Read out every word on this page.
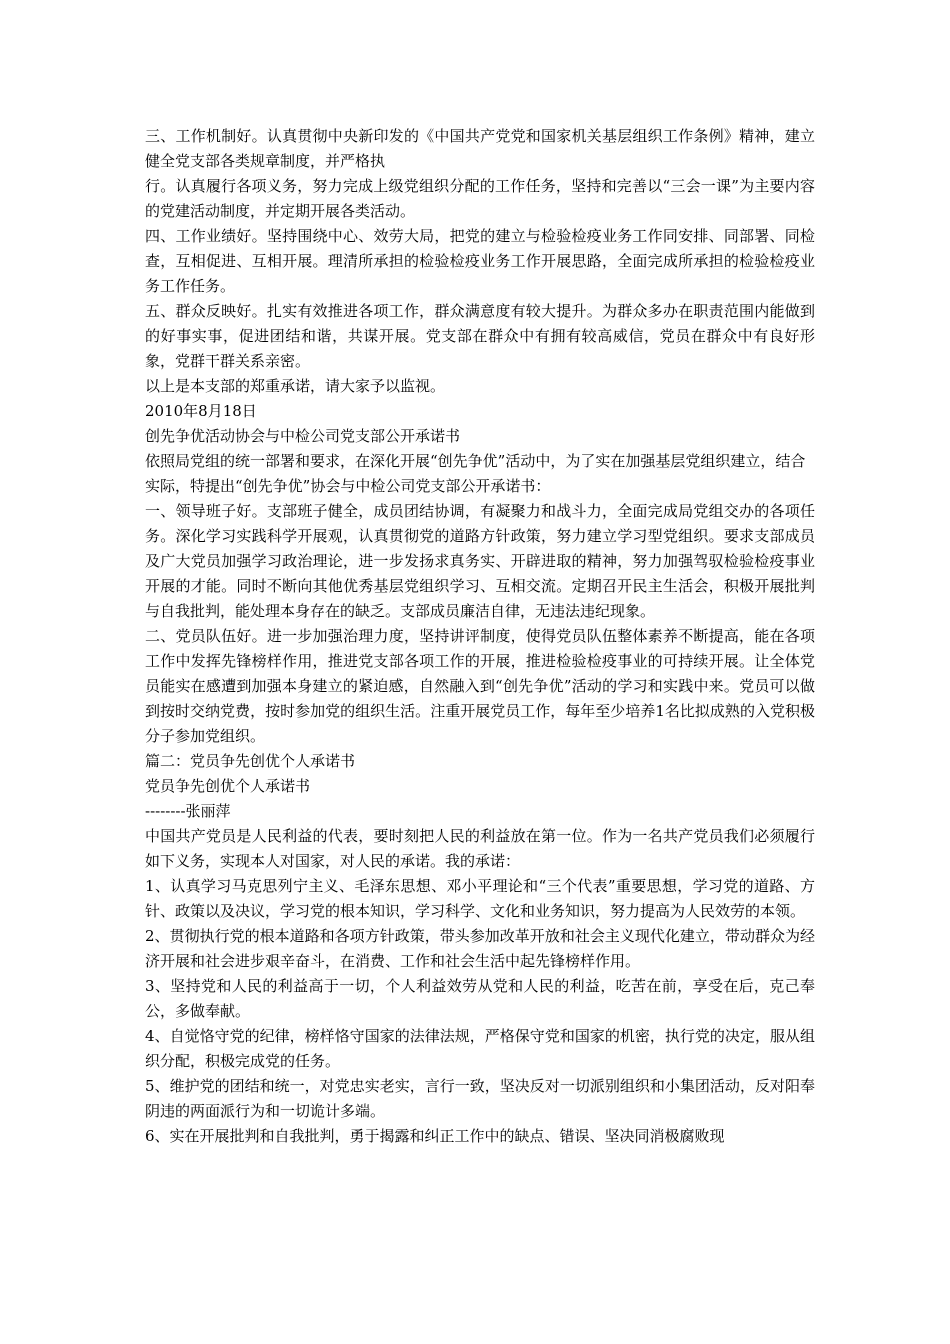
三、工作机制好。认真贯彻中央新印发的《中国共产党党和国家机关基层组织工作条例》精神，建立健全党支部各类规章制度，并严格执

行。认真履行各项义务，努力完成上级党组织分配的工作任务，坚持和完善以“三会一课”为主要内容的党建活动制度，并定期开展各类活动。

四、工作业绩好。坚持围绕中心、效劳大局，把党的建立与检验检疫业务工作同安排、同部署、同检查，互相促进、互相开展。理清所承担的检验检疫业务工作开展思路，全面完成所承担的检验检疫业务工作任务。

五、群众反映好。扎实有效推进各项工作，群众满意度有较大提升。为群众多办在职责范围内能做到的好事实事，促进团结和谐，共谋开展。党支部在群众中有拥有较高威信，党员在群众中有良好形象，党群干群关系亲密。

以上是本支部的郑重承诺，请大家予以监视。

2010年8月18日

创先争优活动协会与中检公司党支部公开承诺书

依照局党组的统一部署和要求，在深化开展“创先争优”活动中，为了实在加强基层党组织建立，结合

实际，特提出“创先争优”协会与中检公司党支部公开承诺书：

一、领导班子好。支部班子健全，成员团结协调，有凝聚力和战斗力，全面完成局党组交办的各项任务。深化学习实践科学开展观，认真贯彻党的道路方针政策，努力建立学习型党组织。要求支部成员及广大党员加强学习政治理论，进一步发扬求真务实、开辟进取的精神，努力加强驾驭检验检疫事业开展的才能。同时不断向其他优秀基层党组织学习、互相交流。定期召开民主生活会，积极开展批判与自我批判，能处理本身存在的缺乏。支部成员廉洁自律，无违法违纪现象。

二、党员队伍好。进一步加强治理力度，坚持讲评制度，使得党员队伍整体素养不断提高，能在各项工作中发挥先锋榜样作用，推进党支部各项工作的开展，推进检验检疫事业的可持续开展。让全体党员能实在感遭到加强本身建立的紧迫感，自然融入到“创先争优”活动的学习和实践中来。党员可以做到按时交纳党费，按时参加党的组织生活。注重开展党员工作，每年至少培养1名比拟成熟的入党积极分子参加党组织。

篇二：党员争先创优个人承诺书

党员争先创优个人承诺书

--------张丽萍

中国共产党员是人民利益的代表，要时刻把人民的利益放在第一位。作为一名共产党员我们必须履行如下义务，实现本人对国家，对人民的承诺。我的承诺：

1、认真学习马克思列宁主义、毛泽东思想、邓小平理论和“三个代表”重要思想，学习党的道路、方针、政策以及决议，学习党的根本知识，学习科学、文化和业务知识，努力提高为人民效劳的本领。

2、贯彻执行党的根本道路和各项方针政策，带头参加改革开放和社会主义现代化建立，带动群众为经济开展和社会进步艰辛奋斗，在消费、工作和社会生活中起先锋榜样作用。

3、坚持党和人民的利益高于一切，个人利益效劳从党和人民的利益，吃苦在前，享受在后，克己奉公，多做奉献。

4、自觉恪守党的纪律，榜样恪守国家的法律法规，严格保守党和国家的机密，执行党的决定，服从组织分配，积极完成党的任务。

5、维护党的团结和统一，对党忠实老实，言行一致，坚决反对一切派别组织和小集团活动，反对阳奉阴违的两面派行为和一切诡计多端。

6、实在开展批判和自我批判，勇于揭露和纠正工作中的缺点、错误、坚决同消极腐败现
